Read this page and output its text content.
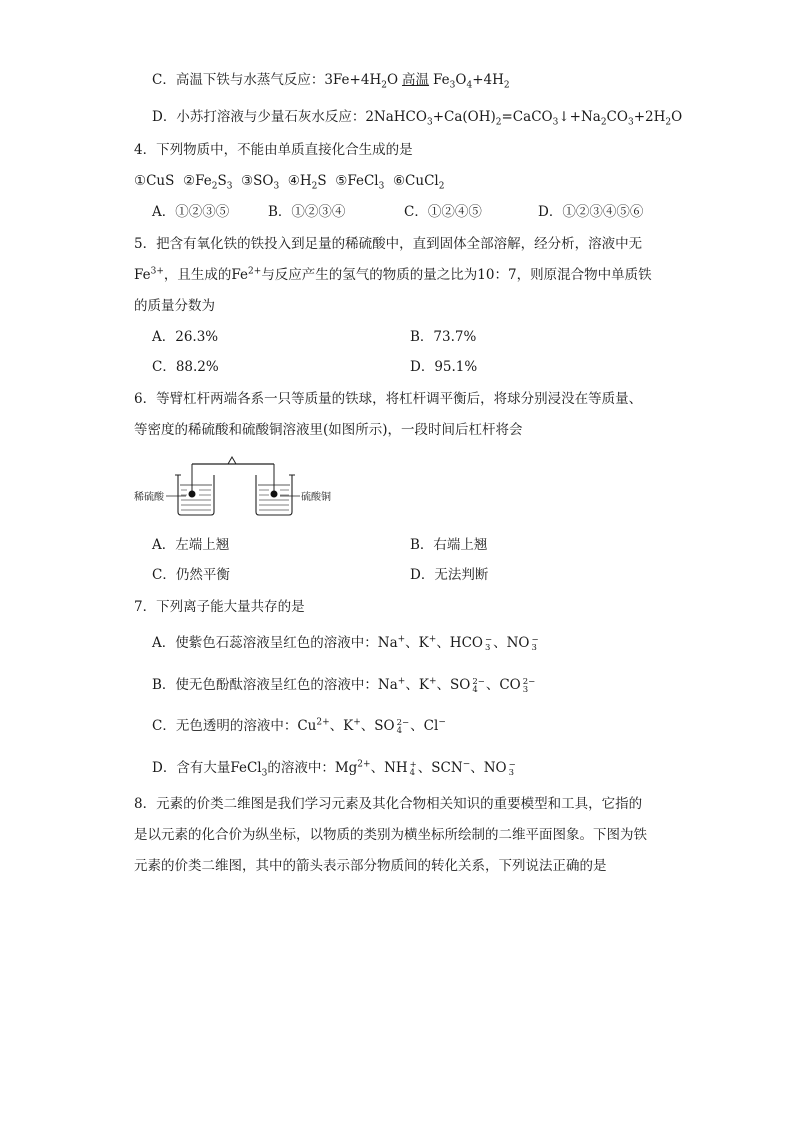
C．高温下铁与水蒸气反应：$3Fe+4H_2O$ 高温 $Fe_3O_4+4H_2$
D．小苏打溶液与少量石灰水反应：$2NaHCO_3+Ca(OH)_2=CaCO_3↓+Na_2CO_3+2H_2O$
4．下列物质中，不能由单质直接化合生成的是
①CuS $②Fe_2S_3$ $③SO_3$ $④H_2S$ ⑤FeCl$_3$ ⑥CuCl$_2$
A．①②③⑤	B．①②③④	C．①②④⑤	D．①②③④⑤⑥
5．把含有氧化铁的铁投入到足量的稀硫酸中，直到固体全部溶解，经分析，溶液中无
$Fe^{3+}$，且生成的$Fe^{2+}$与反应产生的氢气的物质的量之比为10：7，则原混合物中单质铁
的质量分数为
A．26.3%	B．73.7%
C．88.2%	D．95.1%
6．等臂杠杆两端各系一只等质量的铁球，将杠杆调平衡后，将球分别浸没在等质量、
等密度的稀硫酸和硫酸铜溶液里(如图所示)，一段时间后杠杆将会
稀硫酸	硫酸铜
A．左端上翘	B．右端上翘
C．仍然平衡	D．无法判断
7．下列离子能大量共存的是
A．使紫色石蕊溶液呈红色的溶液中：Na+、K+、HCO −
3 、NO −
3
B．使无色酚酞溶液呈红色的溶液中：Na+、K+、SO 2−
4 、CO 2−
3
C．无色透明的溶液中：$Cu^{2+}$、K+、SO 2−
4 、Cl−
D．含有大量FeCl$_3$的溶液中：$Mg^{2+}$、NH +
4 、SCN−、NO −
3
8．元素的价类二维图是我们学习元素及其化合物相关知识的重要模型和工具，它指的
是以元素的化合价为纵坐标，以物质的类别为横坐标所绘制的二维平面图象。下图为铁
元素的价类二维图，其中的箭头表示部分物质间的转化关系，下列说法正确的是
